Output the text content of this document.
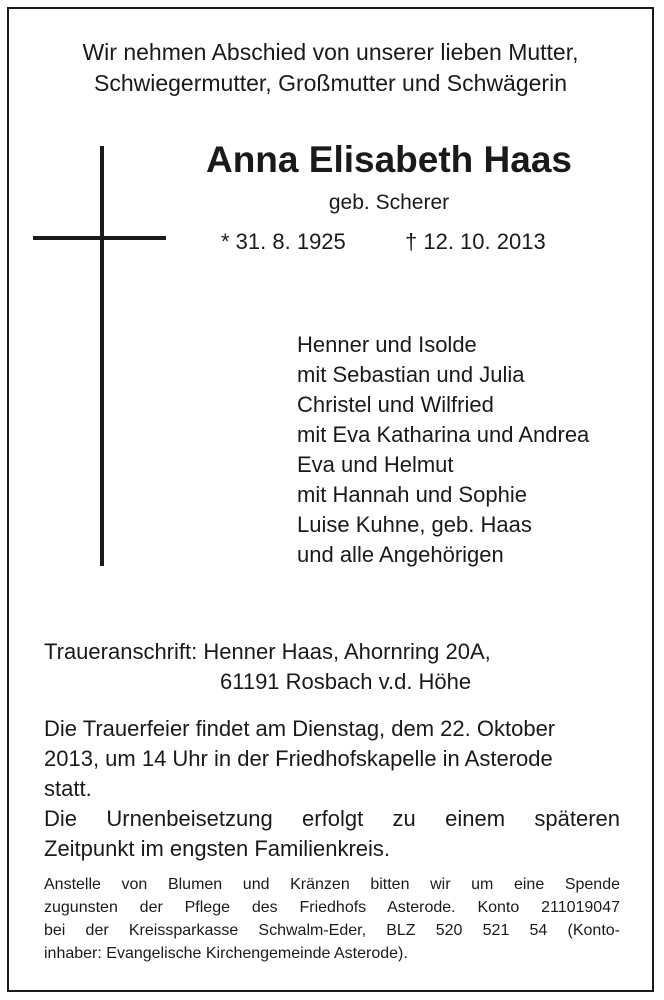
Wir nehmen Abschied von unserer lieben Mutter,
Schwiegermutter, Großmutter und Schwägerin
Anna Elisabeth Haas
geb. Scherer
* 31. 8. 1925	† 12. 10. 2013
Henner und Isolde
mit Sebastian und Julia
Christel und Wilfried
mit Eva Katharina und Andrea
Eva und Helmut
mit Hannah und Sophie
Luise Kuhne, geb. Haas
und alle Angehörigen
Traueranschrift: Henner Haas, Ahornring 20A,
61191 Rosbach v.d. Höhe
Die Trauerfeier findet am Dienstag, dem 22. Oktober
2013, um 14 Uhr in der Friedhofskapelle in Asterode
statt.
Die Urnenbeisetzung erfolgt zu einem späteren
Zeitpunkt im engsten Familienkreis.
Anstelle von Blumen und Kränzen bitten wir um eine Spende
zugunsten der Pflege des Friedhofs Asterode. Konto 211019047
bei der Kreissparkasse Schwalm-Eder, BLZ 520 521 54 (Konto-
inhaber: Evangelische Kirchengemeinde Asterode).
